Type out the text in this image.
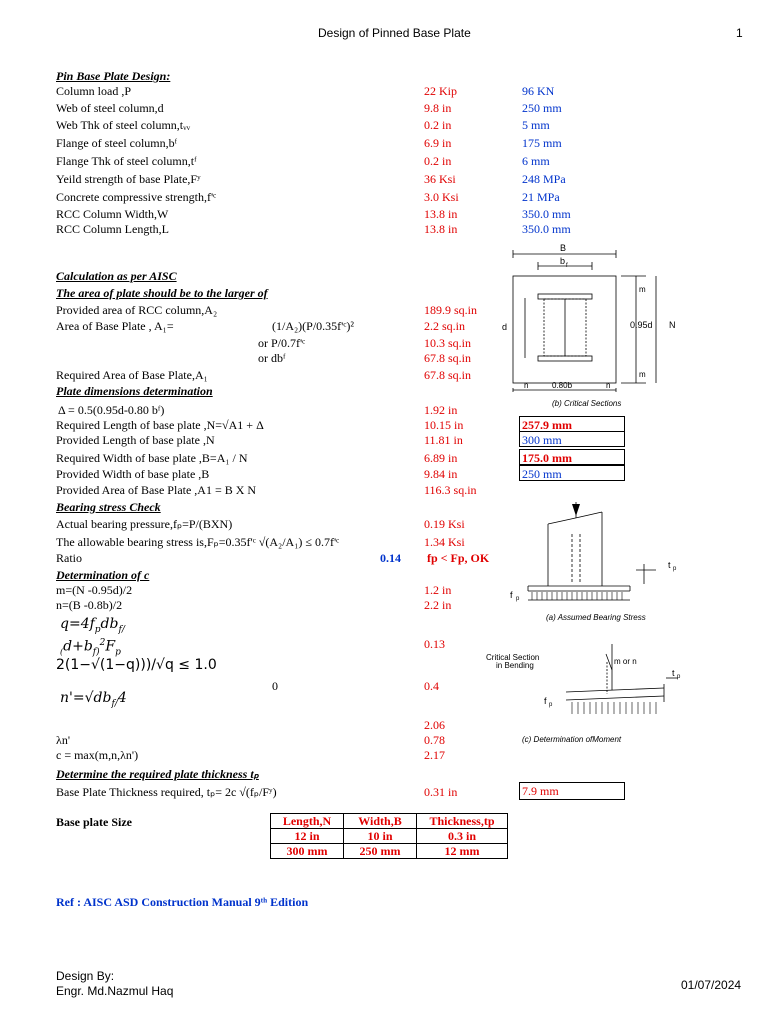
Design of Pinned Base Plate	1
Pin Base Plate Design:
Column load ,P	22 Kip	96 KN
Web of steel column,d	9.8 in	250 mm
Web Thk of steel column,tᵥᵥ	0.2 in	5 mm
Flange of steel column,bᶠ	6.9 in	175 mm
Flange Thk of steel column,tᶠ	0.2 in	6 mm
Yeild strength of base Plate,Fʸ	36 Ksi	248 MPa
Concrete compressive strength,f'ᶜ	3.0 Ksi	21 MPa
RCC Column Width,W	13.8 in	350.0 mm
RCC Column Length,L	13.8 in	350.0 mm
Calculation as per AISC
The area of plate should be to the larger of
Provided area of RCC column,A₂	189.9 sq.in
Area of Base Plate , A₁=	(1/A₂)(P/0.35f'ᶜ)²	2.2 sq.in
or P/0.7f'ᶜ	10.3 sq.in
or dbᶠ	67.8 sq.in
Required Area of Base Plate,A₁	67.8 sq.in
Plate dimensions determination
Δ = 0.5(0.95d-0.80 bᶠ)	1.92 in
Required Length of base plate ,N=√A1 + Δ	10.15 in	257.9 mm
Provided Length of base plate ,N	11.81 in	300 mm
Required Width of base plate ,B=A₁ / N	6.89 in	175.0 mm
Provided Width of base plate ,B	9.84 in	250 mm
Provided Area of Base Plate ,A1 = B X N	116.3 sq.in
Bearing stress Check
Actual bearing pressure,fₚ=P/(BXN)	0.19 Ksi
The allowable bearing stress is,Fₚ=0.35f'ᶜ √(A₂/A₁) ≤ 0.7f'ᶜ	1.34 Ksi
Ratio	0.14 fp < Fp, OK
Determination of c
m=(N -0.95d)/2	1.2 in
n=(B -0.8b)/2	2.2 in
$q=4f_pdb_{f/}$
$_(d+b_{f)}^2F_p$
0.13
2(1−√(1−q)))/√q ≤ 1.0
0	0.4
$n'=√db_{f/}4$
2.06
λn'	0.78
c = max(m,n,λn')	2.17
Determine the required plate thickness tₚ
Base Plate Thickness required, tₚ= 2c √(fₚ/Fʸ)	0.31 in	7.9 mm
Base plate Size	Length,N	Width,B	Thickness,tp
12 in	10 in	0.3 in
300 mm	250 mm	12 mm
Ref : AISC ASD Construction Manual 9ᵗʰ Edition
Design By:
Engr. Md.Nazmul Haq	01/07/2024
B
b f
d
m
m
0.95d N
n	0.80b	n
(b) Critical Sections
f p
t p
(a) Assumed Bearing Stress
Critical Section
in Bending	m or n
t p
f p
(c) Determination ofMoment
